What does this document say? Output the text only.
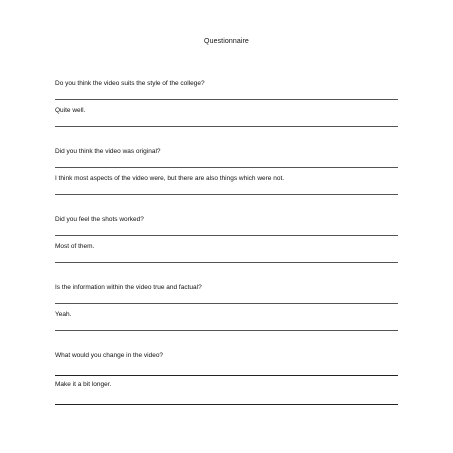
Questionnaire
Do you think the video suits the style of the college?
Quite well.
Did you think the video was original?
I think most aspects of the video were, but there are also things which were not.
Did you feel the shots worked?
Most of them.
Is the information within the video true and factual?
Yeah.
What would you change in the video?
Make it a bit longer.
